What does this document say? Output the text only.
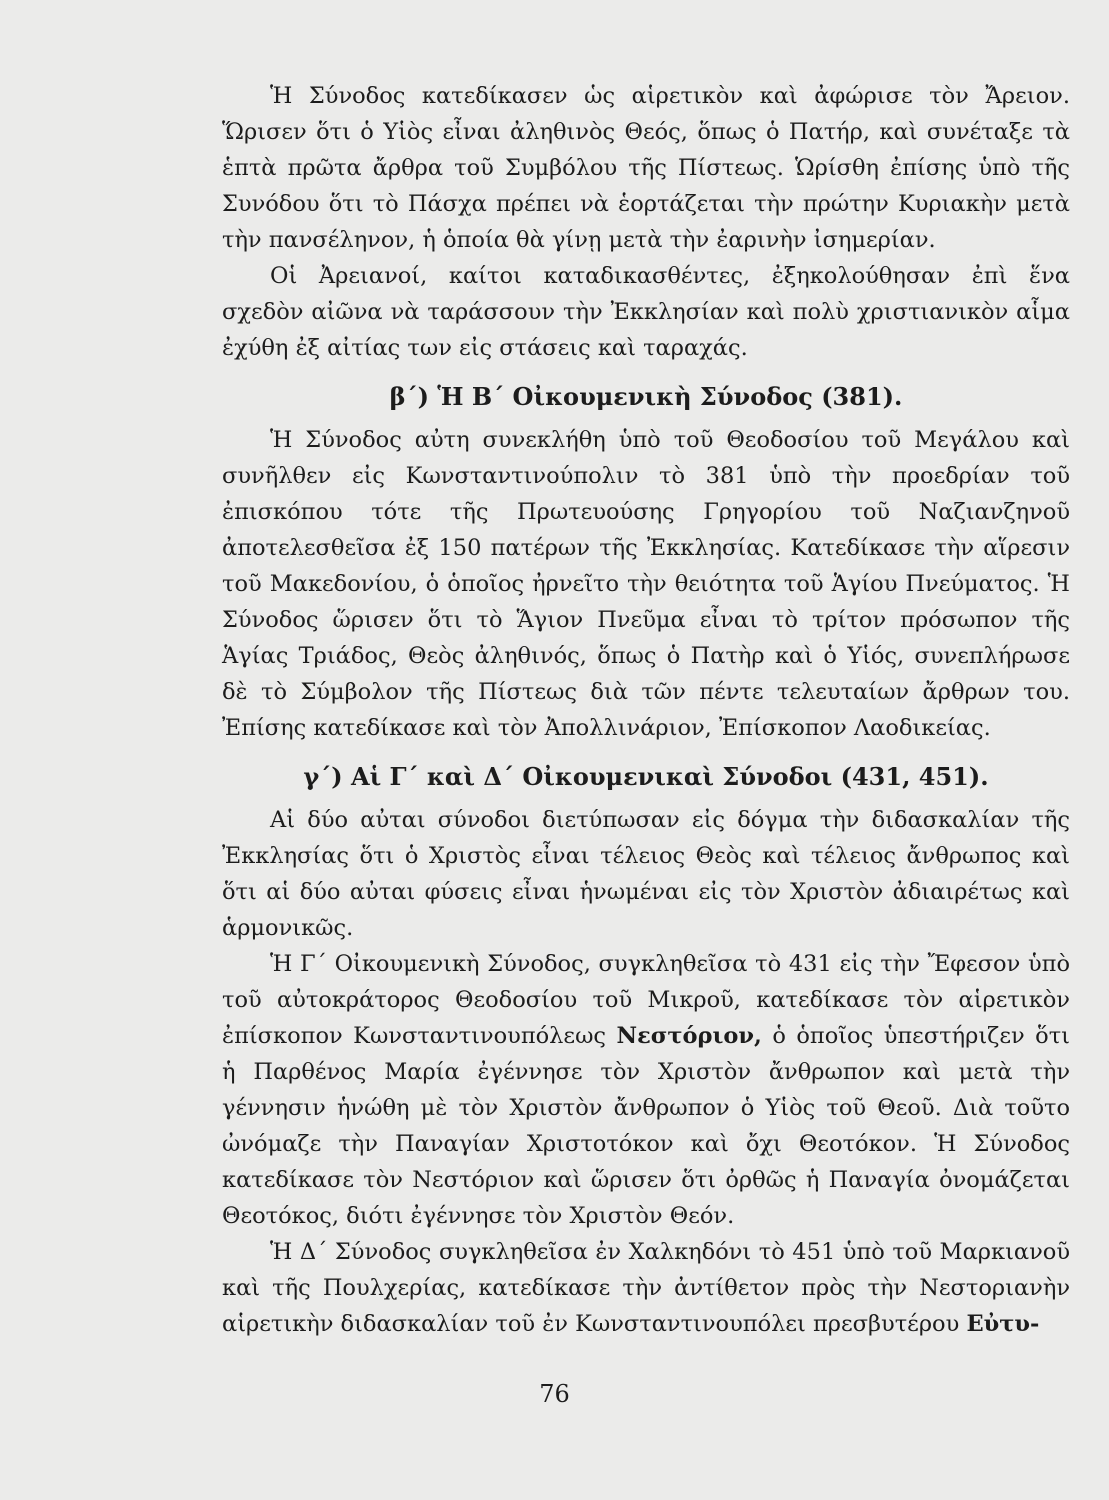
Ἡ Σύνοδος κατεδίκασεν ὡς αἱρετικὸν καὶ ἀφώρισε τὸν Ἄρειον. Ὥρισεν ὅτι ὁ Υἱὸς εἶναι ἀληθινὸς Θεός, ὅπως ὁ Πατήρ, καὶ συνέταξε τὰ ἑπτὰ πρῶτα ἄρθρα τοῦ Συμβόλου τῆς Πίστεως. Ὡρίσθη ἐπίσης ὑπὸ τῆς Συνόδου ὅτι τὸ Πάσχα πρέπει νὰ ἑορτάζεται τὴν πρώτην Κυριακὴν μετὰ τὴν πανσέληνον, ἡ ὁποία θὰ γίνῃ μετὰ τὴν ἐαρινὴν ἰσημερίαν.

Οἱ Ἀρειανοί, καίτοι καταδικασθέντες, ἐξηκολούθησαν ἐπὶ ἕνα σχεδὸν αἰῶνα νὰ ταράσσουν τὴν Ἐκκλησίαν καὶ πολὺ χριστιανικὸν αἷμα ἐχύθη ἐξ αἰτίας των εἰς στάσεις καὶ ταραχάς.

β΄) Ἡ Β΄ Οἰκουμενικὴ Σύνοδος (381).

Ἡ Σύνοδος αὐτη συνεκλήθη ὑπὸ τοῦ Θεοδοσίου τοῦ Μεγάλου καὶ συνῆλθεν εἰς Κωνσταντινούπολιν τὸ 381 ὑπὸ τὴν προεδρίαν τοῦ ἐπισκόπου τότε τῆς Πρωτευούσης Γρηγορίου τοῦ Ναζιανζηνοῦ ἀποτελεσθεῖσα ἐξ 150 πατέρων τῆς Ἐκκλησίας. Κατεδίκασε τὴν αἵρεσιν τοῦ Μακεδονίου, ὁ ὁποῖος ἠρνεῖτο τὴν θειότητα τοῦ Ἁγίου Πνεύματος. Ἡ Σύνοδος ὥρισεν ὅτι τὸ Ἅγιον Πνεῦμα εἶναι τὸ τρίτον πρόσωπον τῆς Ἁγίας Τριάδος, Θεὸς ἀληθινός, ὅπως ὁ Πατὴρ καὶ ὁ Υἱός, συνεπλήρωσε δὲ τὸ Σύμβολον τῆς Πίστεως διὰ τῶν πέντε τελευταίων ἄρθρων του. Ἐπίσης κατεδίκασε καὶ τὸν Ἀπολλινάριον, Ἐπίσκοπον Λαοδικείας.

γ΄) Αἱ Γ΄ καὶ Δ΄ Οἰκουμενικαὶ Σύνοδοι (431, 451).

Αἱ δύο αὐται σύνοδοι διετύπωσαν εἰς δόγμα τὴν διδασκαλίαν τῆς Ἐκκλησίας ὅτι ὁ Χριστὸς εἶναι τέλειος Θεὸς καὶ τέλειος ἄνθρωπος καὶ ὅτι αἱ δύο αὐται φύσεις εἶναι ἡνωμέναι εἰς τὸν Χριστὸν ἀδιαιρέτως καὶ ἁρμονικῶς.

Ἡ Γ΄ Οἰκουμενικὴ Σύνοδος, συγκληθεῖσα τὸ 431 εἰς τὴν Ἔφεσον ὑπὸ τοῦ αὐτοκράτορος Θεοδοσίου τοῦ Μικροῦ, κατεδίκασε τὸν αἱρετικὸν ἐπίσκοπον Κωνσταντινουπόλεως Νεστόριον, ὁ ὁποῖος ὑπεστήριζεν ὅτι ἡ Παρθένος Μαρία ἐγέννησε τὸν Χριστὸν ἄνθρωπον καὶ μετὰ τὴν γέννησιν ἡνώθη μὲ τὸν Χριστὸν ἄνθρωπον ὁ Υἱὸς τοῦ Θεοῦ. Διὰ τοῦτο ὠνόμαζε τὴν Παναγίαν Χριστοτόκον καὶ ὄχι Θεοτόκον. Ἡ Σύνοδος κατεδίκασε τὸν Νεστόριον καὶ ὥρισεν ὅτι ὀρθῶς ἡ Παναγία ὀνομάζεται Θεοτόκος, διότι ἐγέννησε τὸν Χριστὸν Θεόν.

Ἡ Δ΄ Σύνοδος συγκληθεῖσα ἐν Χαλκηδόνι τὸ 451 ὑπὸ τοῦ Μαρκιανοῦ καὶ τῆς Πουλχερίας, κατεδίκασε τὴν ἀντίθετον πρὸς τὴν Νεστοριανὴν αἱρετικὴν διδασκαλίαν τοῦ ἐν Κωνσταντινουπόλει πρεσβυτέρου Εὐτυ-

76
